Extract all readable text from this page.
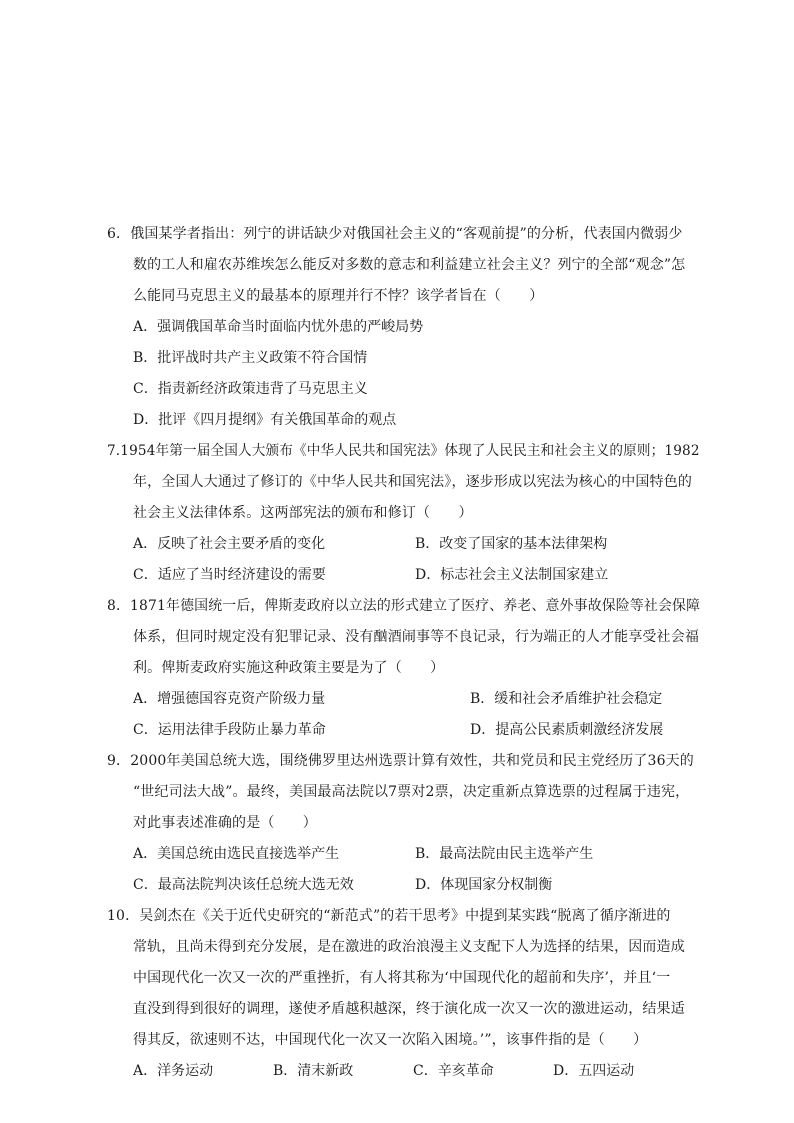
6．俄国某学者指出：列宁的讲话缺少对俄国社会主义的“客观前提”的分析，代表国内微弱少
数的工人和雇农苏维埃怎么能反对多数的意志和利益建立社会主义？列宁的全部“观念”怎
么能同马克思主义的最基本的原理并行不悖？该学者旨在（　　）
A．强调俄国革命当时面临内忧外患的严峻局势
B．批评战时共产主义政策不符合国情
C．指责新经济政策违背了马克思主义
D．批评《四月提纲》有关俄国革命的观点
7.1954年第一届全国人大颁布《中华人民共和国宪法》体现了人民民主和社会主义的原则；1982
年，全国人大通过了修订的《中华人民共和国宪法》，逐步形成以宪法为核心的中国特色的
社会主义法律体系。这两部宪法的颁布和修订（　　）
A．反映了社会主要矛盾的变化	B．改变了国家的基本法律架构
C．适应了当时经济建设的需要	D．标志社会主义法制国家建立
8．1871年德国统一后，俾斯麦政府以立法的形式建立了医疗、养老、意外事故保险等社会保障
体系，但同时规定没有犯罪记录、没有酗酒闹事等不良记录，行为端正的人才能享受社会福
利。俾斯麦政府实施这种政策主要是为了（　　）
A．增强德国容克资产阶级力量	B．缓和社会矛盾维护社会稳定
C．运用法律手段防止暴力革命	D．提高公民素质刺激经济发展
9．2000年美国总统大选，围绕佛罗里达州选票计算有效性，共和党员和民主党经历了36天的
“世纪司法大战”。最终，美国最高法院以7票对2票，决定重新点算选票的过程属于违宪，
对此事表述准确的是（　　）
A．美国总统由选民直接选举产生	B．最高法院由民主选举产生
C．最高法院判决该任总统大选无效	D．体现国家分权制衡
10．吴剑杰在《关于近代史研究的“新范式”的若干思考》中提到某实践“脱离了循序渐进的
常轨，且尚未得到充分发展，是在激进的政治浪漫主义支配下人为选择的结果，因而造成
中国现代化一次又一次的严重挫折，有人将其称为‘中国现代化的超前和失序’，并且‘一
直没到得到很好的调理，遂使矛盾越积越深，终于演化成一次又一次的激进运动，结果适
得其反，欲速则不达，中国现代化一次又一次陷入困境。’”，该事件指的是（　　）
A．洋务运动	B．清末新政	C．辛亥革命	D．五四运动
